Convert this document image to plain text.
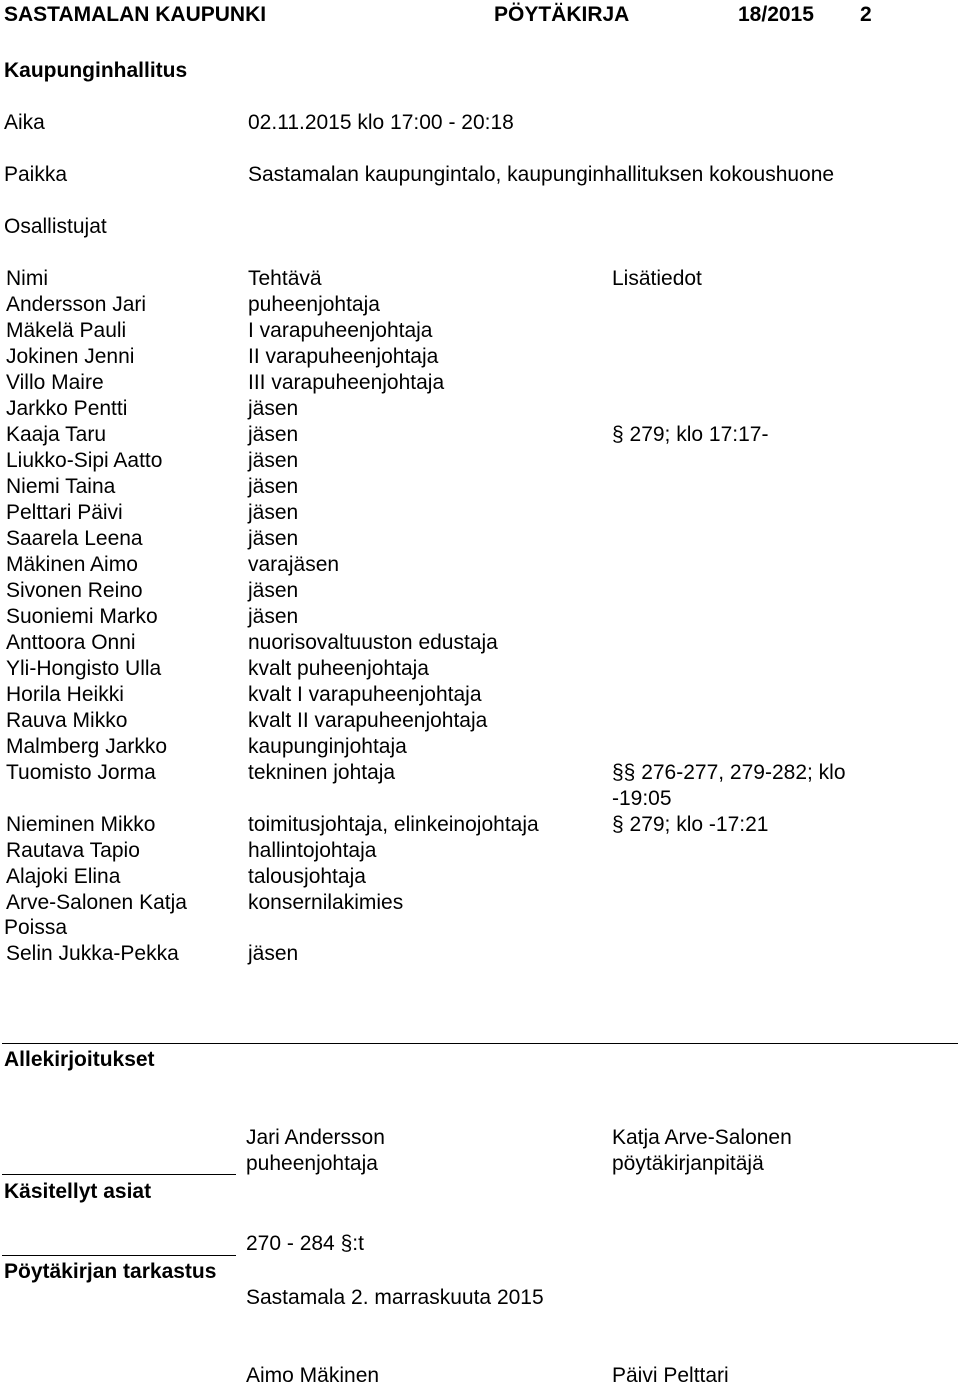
SASTAMALAN KAUPUNKI	PÖYTÄKIRJA	18/2015 2
Kaupunginhallitus
Aika	02.11.2015 klo 17:00 - 20:18
Paikka	Sastamalan kaupungintalo, kaupunginhallituksen kokoushuone
Osallistujat
Nimi	Tehtävä	Lisätiedot
Andersson Jari	puheenjohtaja
Mäkelä Pauli	I varapuheenjohtaja
Jokinen Jenni	II varapuheenjohtaja
Villo Maire	III varapuheenjohtaja
Jarkko Pentti	jäsen
Kaaja Taru	jäsen	§ 279; klo 17:17-
Liukko-Sipi Aatto	jäsen
Niemi Taina	jäsen
Pelttari Päivi	jäsen
Saarela Leena	jäsen
Mäkinen Aimo	varajäsen
Sivonen Reino	jäsen
Suoniemi Marko	jäsen
Anttoora Onni	nuorisovaltuuston edustaja
Yli-Hongisto Ulla	kvalt puheenjohtaja
Horila Heikki	kvalt I varapuheenjohtaja
Rauva Mikko	kvalt II varapuheenjohtaja
Malmberg Jarkko	kaupunginjohtaja
Tuomisto Jorma	tekninen johtaja	§§ 276-277, 279-282; klo
-19:05
Nieminen Mikko	toimitusjohtaja, elinkeinojohtaja	§ 279; klo -17:21
Rautava Tapio	hallintojohtaja
Alajoki Elina	talousjohtaja
Arve-Salonen Katja	konsernilakimies
Poissa
Selin Jukka-Pekka	jäsen
Allekirjoitukset
Jari Andersson
puheenjohtaja
Katja Arve-Salonen
pöytäkirjanpitäjä
Käsitellyt asiat
270 - 284 §:t
Pöytäkirjan tarkastus
Sastamala 2. marraskuuta 2015
Aimo Mäkinen	Päivi Pelttari
